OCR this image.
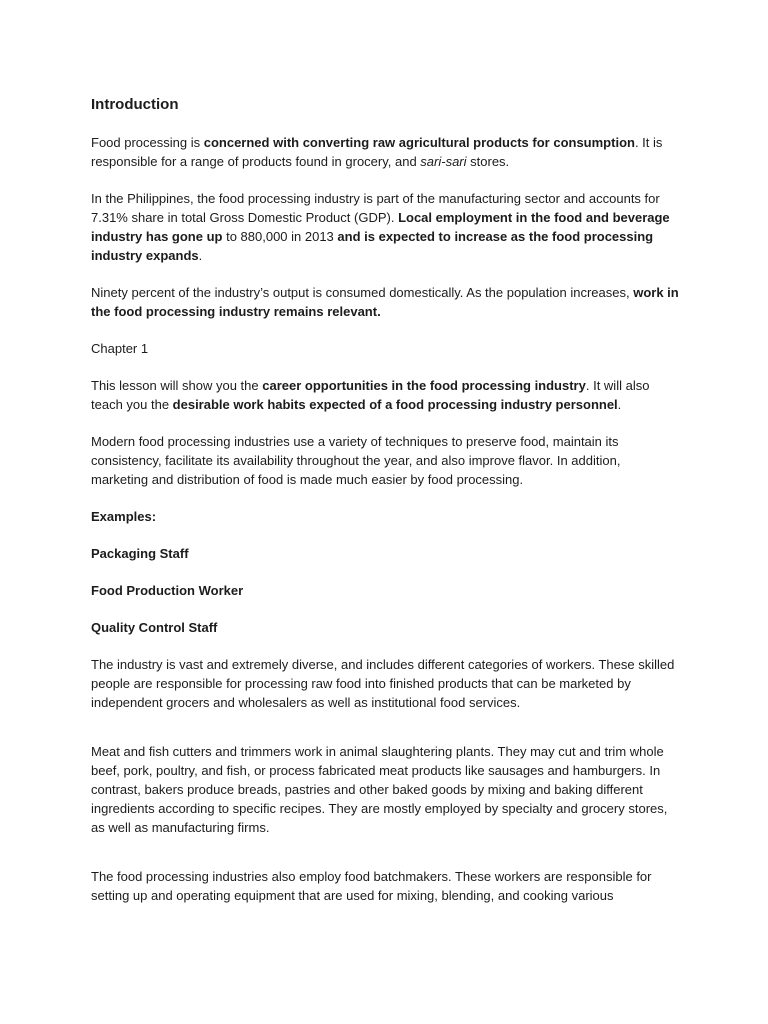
Introduction

Food processing is concerned with converting raw agricultural products for consumption. It is responsible for a range of products found in grocery, and sari-sari stores.

In the Philippines, the food processing industry is part of the manufacturing sector and accounts for 7.31% share in total Gross Domestic Product (GDP). Local employment in the food and beverage industry has gone up to 880,000 in 2013 and is expected to increase as the food processing industry expands.

Ninety percent of the industry’s output is consumed domestically. As the population increases, work in the food processing industry remains relevant.

Chapter 1

This lesson will show you the career opportunities in the food processing industry. It will also teach you the desirable work habits expected of a food processing industry personnel.

Modern food processing industries use a variety of techniques to preserve food, maintain its consistency, facilitate its availability throughout the year, and also improve flavor. In addition, marketing and distribution of food is made much easier by food processing.

Examples:

Packaging Staff

Food Production Worker

Quality Control Staff

The industry is vast and extremely diverse, and includes different categories of workers. These skilled people are responsible for processing raw food into finished products that can be marketed by independent grocers and wholesalers as well as institutional food services.

Meat and fish cutters and trimmers work in animal slaughtering plants. They may cut and trim whole beef, pork, poultry, and fish, or process fabricated meat products like sausages and hamburgers. In contrast, bakers produce breads, pastries and other baked goods by mixing and baking different ingredients according to specific recipes. They are mostly employed by specialty and grocery stores, as well as manufacturing firms.

The food processing industries also employ food batchmakers. These workers are responsible for setting up and operating equipment that are used for mixing, blending, and cooking various
